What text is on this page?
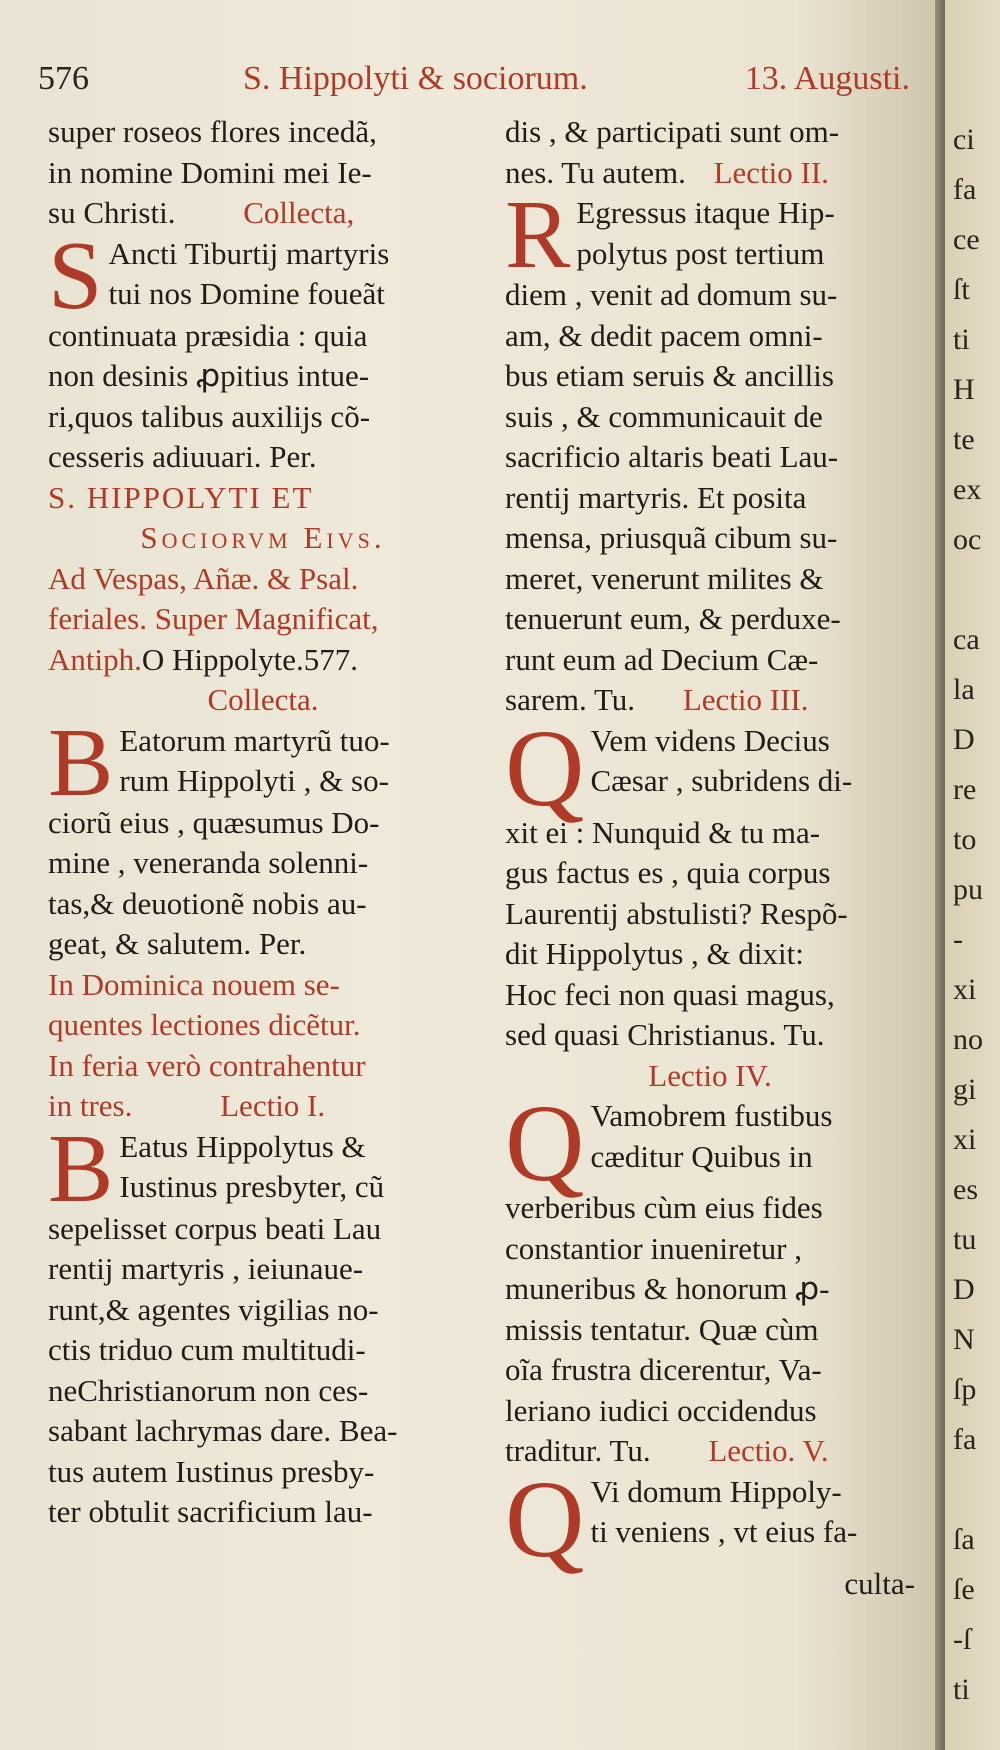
576	S. Hippolyti & sociorum.	13. Augusti.
super roseos flores incedã,
in nomine Domini mei Ie-
su Christi. Collecta,
S Ancti Tiburtij martyris
tui nos Domine foueãt
continuata præsidia : quia
non desinis ꝓpitius intue-
ri,quos talibus auxilijs cõ-
cesseris adiuuari. Per.
S. HIPPOLYTI ET
Sociorvm Eivs.
Ad Vespas, Añæ. & Psal.
feriales. Super Magnificat,
Antiph.O Hippolyte.577.
Collecta.
B Eatorum martyrũ tuo-
rum Hippolyti , & so-
ciorũ eius , quæsumus Do-
mine , veneranda solenni-
tas,& deuotionẽ nobis au-
geat, & salutem. Per.
In Dominica nouem se-
quentes lectiones dicẽtur.
In feria verò contrahentur
in tres.	Lectio I.
B Eatus Hippolytus &
Iustinus presbyter, cũ
sepelisset corpus beati Lau
rentij martyris , ieiunaue-
runt,& agentes vigilias no-
ctis triduo cum multitudi-
neChristianorum non ces-
sabant lachrymas dare. Bea-
tus autem Iustinus presby-
ter obtulit sacrificium lau-
dis , & participati sunt om-
nes. Tu autem. Lectio II.
R Egressus itaque Hip-
polytus post tertium
diem , venit ad domum su-
am, & dedit pacem omni-
bus etiam seruis & ancillis
suis , & communicauit de
sacrificio altaris beati Lau-
rentij martyris. Et posita
mensa, priusquã cibum su-
meret, venerunt milites &
tenuerunt eum, & perduxe-
runt eum ad Decium Cæ-
sarem. Tu. Lectio III.
Q Vem videns Decius
Cæsar , subridens di-
xit ei : Nunquid & tu ma-
gus factus es , quia corpus
Laurentij abstulisti? Respõ-
dit Hippolytus , & dixit:
Hoc feci non quasi magus,
sed quasi Christianus. Tu.
Lectio IV.
Q Vamobrem fustibus
cæditur Quibus in
verberibus cùm eius fides
constantior inueniretur ,
muneribus & honorum ꝓ-
missis tentatur. Quæ cùm
oĩa frustra dicerentur, Va-
leriano iudici occidendus
traditur. Tu. Lectio. V.
Q Vi domum Hippoly-
ti veniens , vt eius fa-
culta-
ci
fa
ce
ſt
ti
H
te
ex
oc
ca
la
D
re
to
pu
-
xi
no
gi
xi
es
tu
D
N
ſp
fa
ſa
ſe
-ſ
ti
